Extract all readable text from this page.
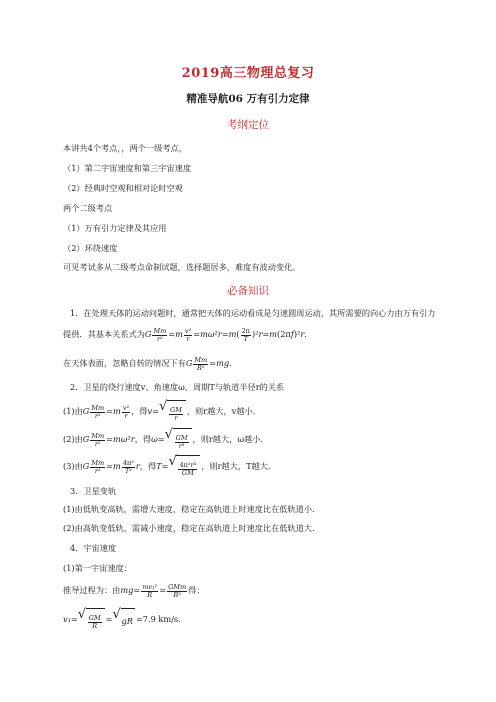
2019高三物理总复习
精准导航06 万有引力定律
考纲定位
本讲共4个考点，，两个一级考点，
（1）第二宇宙速度和第三宇宙速度
（2）经典时空观和相对论时空观
两个二级考点
（1）万有引力定律及其应用
（2）环绕速度
可见考试多从二级考点命制试题，选择题居多，难度有波动变化。
必备知识
1．在处理天体的运动问题时，通常把天体的运动看成是匀速圆周运动，其所需要的向心力由万有引力
提供．其基本关系式为G $\frac{Mm}{\text{r²}} =m \frac{\text{v²}}{r} =m\omega^2r=m( \frac{2\pi}{T} )^2r=m(2\pi f)^2r$.
在天体表面，忽略自转的情况下有G $\frac{Mm}{\text{R²}} =mg$.
2．卫星的绕行速度v、角速度ω、周期T与轨道半径r的关系
(1)由G $\frac{Mm}{\text{r²}} =m \frac{\text{v²}}{r}$ ，得v= √ $\frac{GM}{r}$ ，则r越大，v越小.
(2)由G $\frac{Mm}{\text{r²}} =m\omega^2r$，得ω= √ $\frac{GM}{\text{r³}}$ ，则r越大，ω越小.
(3)由G $\frac{Mm}{\text{r²}} =m \frac{\text{4π²}}{\text{T²}}$ r，得T= √ $\frac{\text{4π²r³}}{GM}$ ，则r越大，T越大.
3．卫星变轨
(1)由低轨变高轨，需增大速度，稳定在高轨道上时速度比在低轨道小.
(2)由高轨变低轨，需减小速度，稳定在高轨道上时速度比在低轨道大.
4．宇宙速度
(1)第一宇宙速度：
推导过程为：由$mg= \frac{\text{mv₁²}}{R} = \frac{\text{GMm}}{\text{R²}}$ 得：
v₁= √ $\frac{GM}{R}$ = √ gR =7.9 km/s.
